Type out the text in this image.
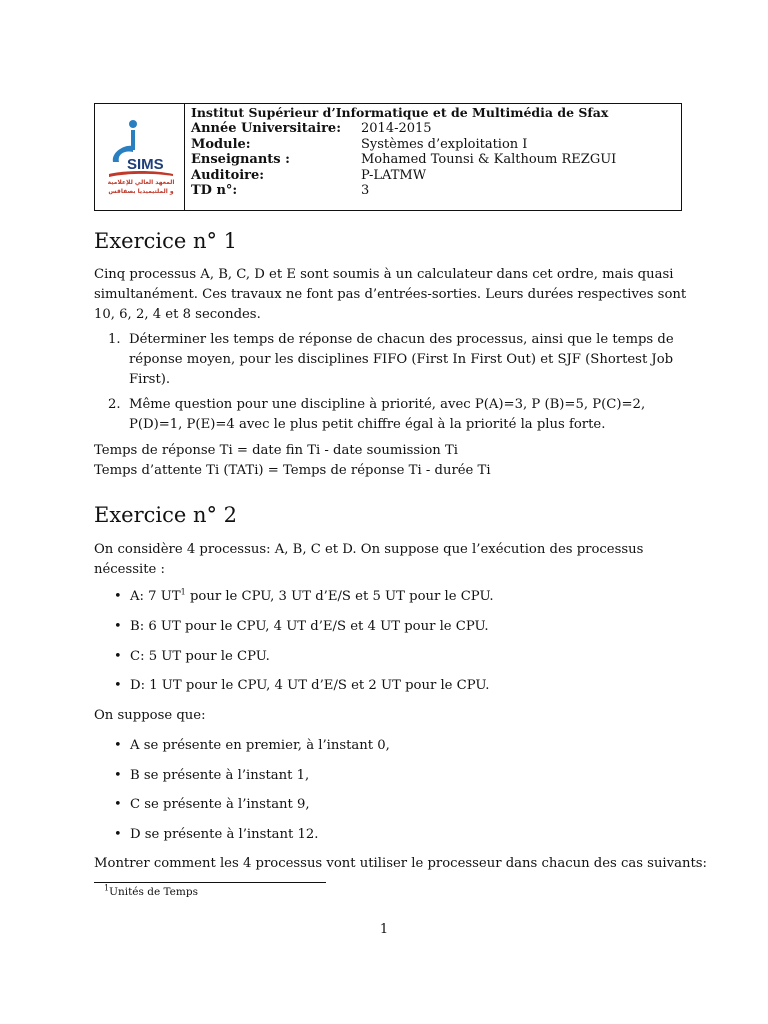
SIMS
المعهد العالي للإعلامية
و الملتيميديا بصفاقس
Institut Supérieur d’Informatique et de Multimédia de Sfax
Année Universitaire:	2014-2015
Module:	Systèmes d’exploitation I
Enseignants :	Mohamed Tounsi & Kalthoum REZGUI
Auditoire:	P-LATMW
TD n°:	3
Exercice n° 1
Cinq processus A, B, C, D et E sont soumis à un calculateur dans cet ordre, mais quasi
simultanément. Ces travaux ne font pas d’entrées-sorties. Leurs durées respectives sont
10, 6, 2, 4 et 8 secondes.
1. Déterminer les temps de réponse de chacun des processus, ainsi que le temps de
réponse moyen, pour les disciplines FIFO (First In First Out) et SJF (Shortest Job
First).
2. Même question pour une discipline à priorité, avec P(A)=3, P (B)=5, P(C)=2,
P(D)=1, P(E)=4 avec le plus petit chiffre égal à la priorité la plus forte.
Temps de réponse Ti = date fin Ti - date soumission Ti
Temps d’attente Ti (TATi) = Temps de réponse Ti - durée Ti
Exercice n° 2
On considère 4 processus: A, B, C et D. On suppose que l’exécution des processus
nécessite :
• A: 7 $UT^1$ pour le CPU, 3 UT d’E/S et 5 UT pour le CPU.
• B: 6 UT pour le CPU, 4 UT d’E/S et 4 UT pour le CPU.
• C: 5 UT pour le CPU.
• D: 1 UT pour le CPU, 4 UT d’E/S et 2 UT pour le CPU.
On suppose que:
• A se présente en premier, à l’instant 0,
• B se présente à l’instant 1,
• C se présente à l’instant 9,
• D se présente à l’instant 12.
Montrer comment les 4 processus vont utiliser le processeur dans chacun des cas suivants:
$^1$Unités de Temps
1
